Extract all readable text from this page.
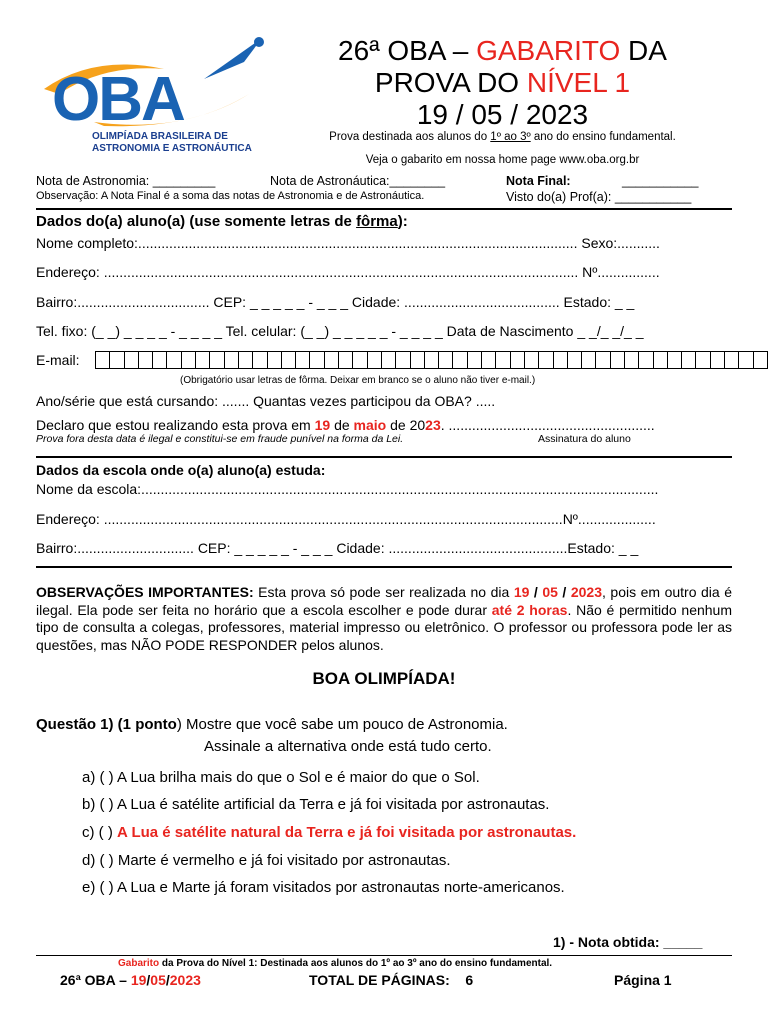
OBA
OLIMPÍADA BRASILEIRA DE
ASTRONOMIA E ASTRONÁUTICA
26ª OBA – GABARITO DA
PROVA DO NÍVEL 1
19 / 05 / 2023
Prova destinada aos alunos do 1º ao 3º ano do ensino fundamental.
Veja o gabarito em nossa home page www.oba.org.br
Nota de Astronomia: _________	Nota de Astronáutica:________	Nota Final:	___________
Observação: A Nota Final é a soma das notas de Astronomia e de Astronáutica.	Visto do(a) Prof(a): ___________
Dados do(a) aluno(a) (use somente letras de fôrma):
Nome completo:................................................................................................................. Sexo:...........
Endereço: .......................................................................................................................... Nº................
Bairro:.................................. CEP: _ _ _ _ _ - _ _ _ Cidade: ........................................ Estado: _ _
Tel. fixo: (_ _) _ _ _ _ - _ _ _ _ Tel. celular: (_ _) _ _ _ _ _ - _ _ _ _ Data de Nascimento _ _/_ _/_ _
E-mail:
(Obrigatório usar letras de fôrma. Deixar em branco se o aluno não tiver e-mail.)
Ano/série que está cursando: ....... Quantas vezes participou da OBA? .....
Declaro que estou realizando esta prova em 19 de maio de 2023. .....................................................
Prova fora desta data é ilegal e constitui-se em fraude punível na forma da Lei.	Assinatura do aluno
Dados da escola onde o(a) aluno(a) estuda:
Nome da escola:.....................................................................................................................................
Endereço: ......................................................................................................................Nº....................
Bairro:.............................. CEP: _ _ _ _ _ - _ _ _ Cidade: ..............................................Estado: _ _
OBSERVAÇÕES IMPORTANTES: Esta prova só pode ser realizada no dia 19 / 05 / 2023, pois em outro dia é ilegal. Ela pode ser feita no horário que a escola escolher e pode durar até 2 horas. Não é permitido nenhum tipo de consulta a colegas, professores, material impresso ou eletrônico. O professor ou professora pode ler as questões, mas NÃO PODE RESPONDER pelos alunos.
BOA OLIMPÍADA!
Questão 1) (1 ponto) Mostre que você sabe um pouco de Astronomia.
Assinale a alternativa onde está tudo certo.
a) ( ) A Lua brilha mais do que o Sol e é maior do que o Sol.
b) ( ) A Lua é satélite artificial da Terra e já foi visitada por astronautas.
c) ( ) A Lua é satélite natural da Terra e já foi visitada por astronautas.
d) ( ) Marte é vermelho e já foi visitado por astronautas.
e) ( ) A Lua e Marte já foram visitados por astronautas norte-americanos.
1) - Nota obtida: _____
Gabarito da Prova do Nível 1: Destinada aos alunos do 1º ao 3º ano do ensino fundamental.
26ª OBA – 19/05/2023	TOTAL DE PÁGINAS:    6	Página 1
